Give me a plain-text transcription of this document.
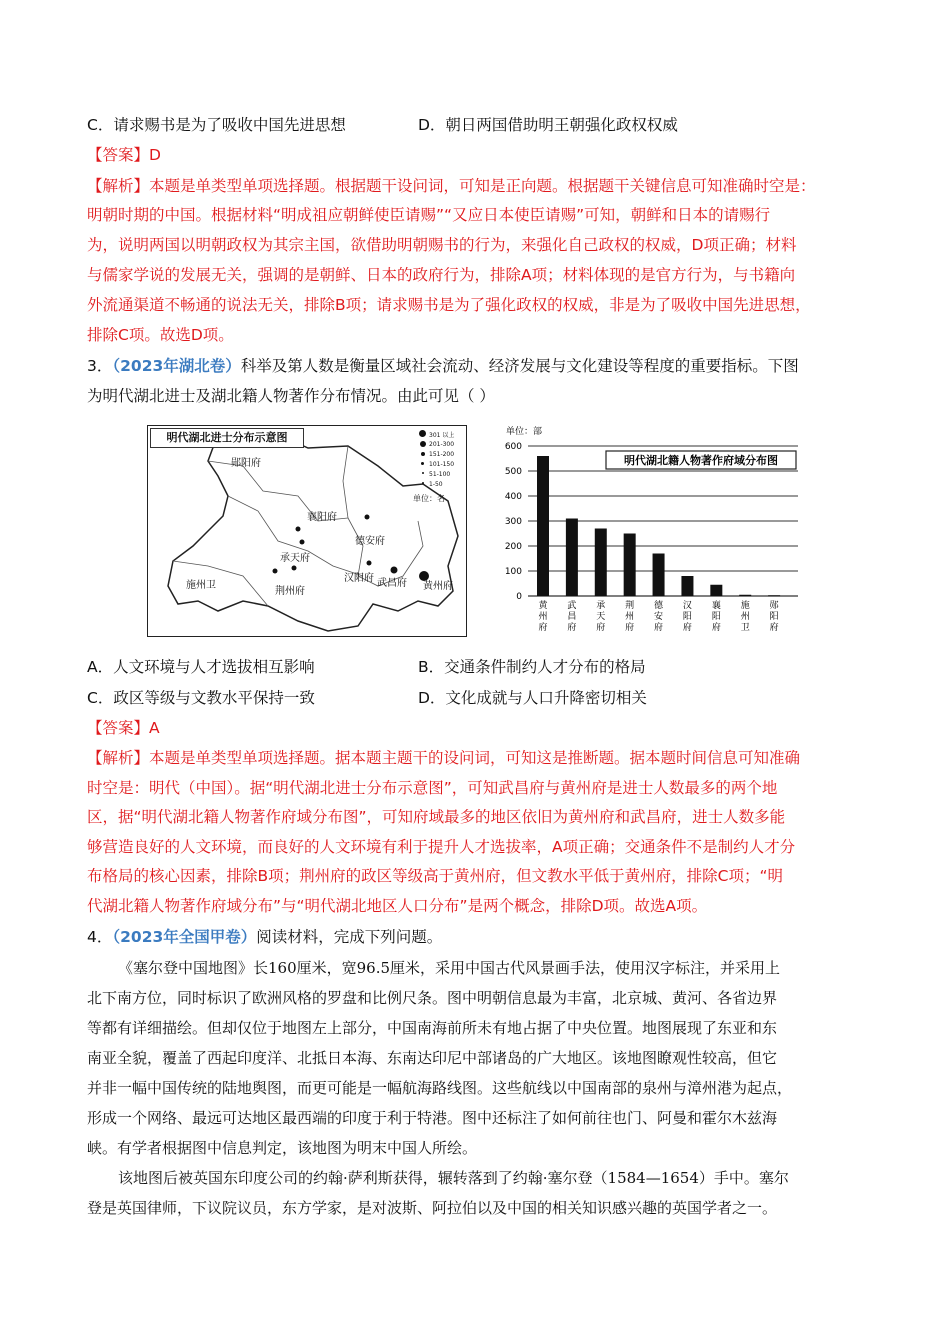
C．请求赐书是为了吸收中国先进思想	D．朝日两国借助明王朝强化政权权威
【答案】D
【解析】本题是单类型单项选择题。根据题干设问词，可知是正向题。根据题干关键信息可知准确时空是：
明朝时期的中国。根据材料“明成祖应朝鲜使臣请赐”“又应日本使臣请赐”可知，朝鲜和日本的请赐行
为，说明两国以明朝政权为其宗主国，欲借助明朝赐书的行为，来强化自己政权的权威，D项正确；材料
与儒家学说的发展无关，强调的是朝鲜、日本的政府行为，排除A项；材料体现的是官方行为，与书籍向
外流通渠道不畅通的说法无关，排除B项；请求赐书是为了强化政权的权威，非是为了吸收中国先进思想，
排除C项。故选D项。
3．（2023年湖北卷）科举及第人数是衡量区域社会流动、经济发展与文化建设等程度的重要指标。下图
为明代湖北进士及湖北籍人物著作分布情况。由此可见（ ）
明代湖北进士分布示意图	301 以上
201-300
151-200
101-150
51-100
1-50
单位：名
郧阳府
襄阳府
德安府
承天府
汉阳府 武昌府 黄州府
荆州府
施州卫
单位：部
0
100
200
300
400
500
600
明代湖北籍人物著作府域分布图
黄州府
武昌府
承天府
荆州府
德安府
汉阳府
襄阳府
施州卫
郧阳府
A．人文环境与人才选拔相互影响	B．交通条件制约人才分布的格局
C．政区等级与文教水平保持一致	D．文化成就与人口升降密切相关
【答案】A
【解析】本题是单类型单项选择题。据本题主题干的设问词，可知这是推断题。据本题时间信息可知准确
时空是：明代（中国）。据“明代湖北进士分布示意图”，可知武昌府与黄州府是进士人数最多的两个地
区，据“明代湖北籍人物著作府域分布图”，可知府域最多的地区依旧为黄州府和武昌府，进士人数多能
够营造良好的人文环境，而良好的人文环境有利于提升人才选拔率，A项正确；交通条件不是制约人才分
布格局的核心因素，排除B项；荆州府的政区等级高于黄州府，但文教水平低于黄州府，排除C项；“明
代湖北籍人物著作府域分布”与“明代湖北地区人口分布”是两个概念，排除D项。故选A项。
4．（2023年全国甲卷）阅读材料，完成下列问题。
《塞尔登中国地图》长160厘米，宽96.5厘米，采用中国古代风景画手法，使用汉字标注，并采用上
北下南方位，同时标识了欧洲风格的罗盘和比例尺条。图中明朝信息最为丰富，北京城、黄河、各省边界
等都有详细描绘。但却仅位于地图左上部分，中国南海前所未有地占据了中央位置。地图展现了东亚和东
南亚全貌，覆盖了西起印度洋、北抵日本海、东南达印尼中部诸岛的广大地区。该地图瞭观性较高，但它
并非一幅中国传统的陆地舆图，而更可能是一幅航海路线图。这些航线以中国南部的泉州与漳州港为起点，
形成一个网络、最远可达地区最西端的印度于利于特港。图中还标注了如何前往也门、阿曼和霍尔木兹海
峡。有学者根据图中信息判定，该地图为明末中国人所绘。
该地图后被英国东印度公司的约翰·萨利斯获得，辗转落到了约翰·塞尔登（1584—1654）手中。塞尔
登是英国律师，下议院议员，东方学家，是对波斯、阿拉伯以及中国的相关知识感兴趣的英国学者之一。
